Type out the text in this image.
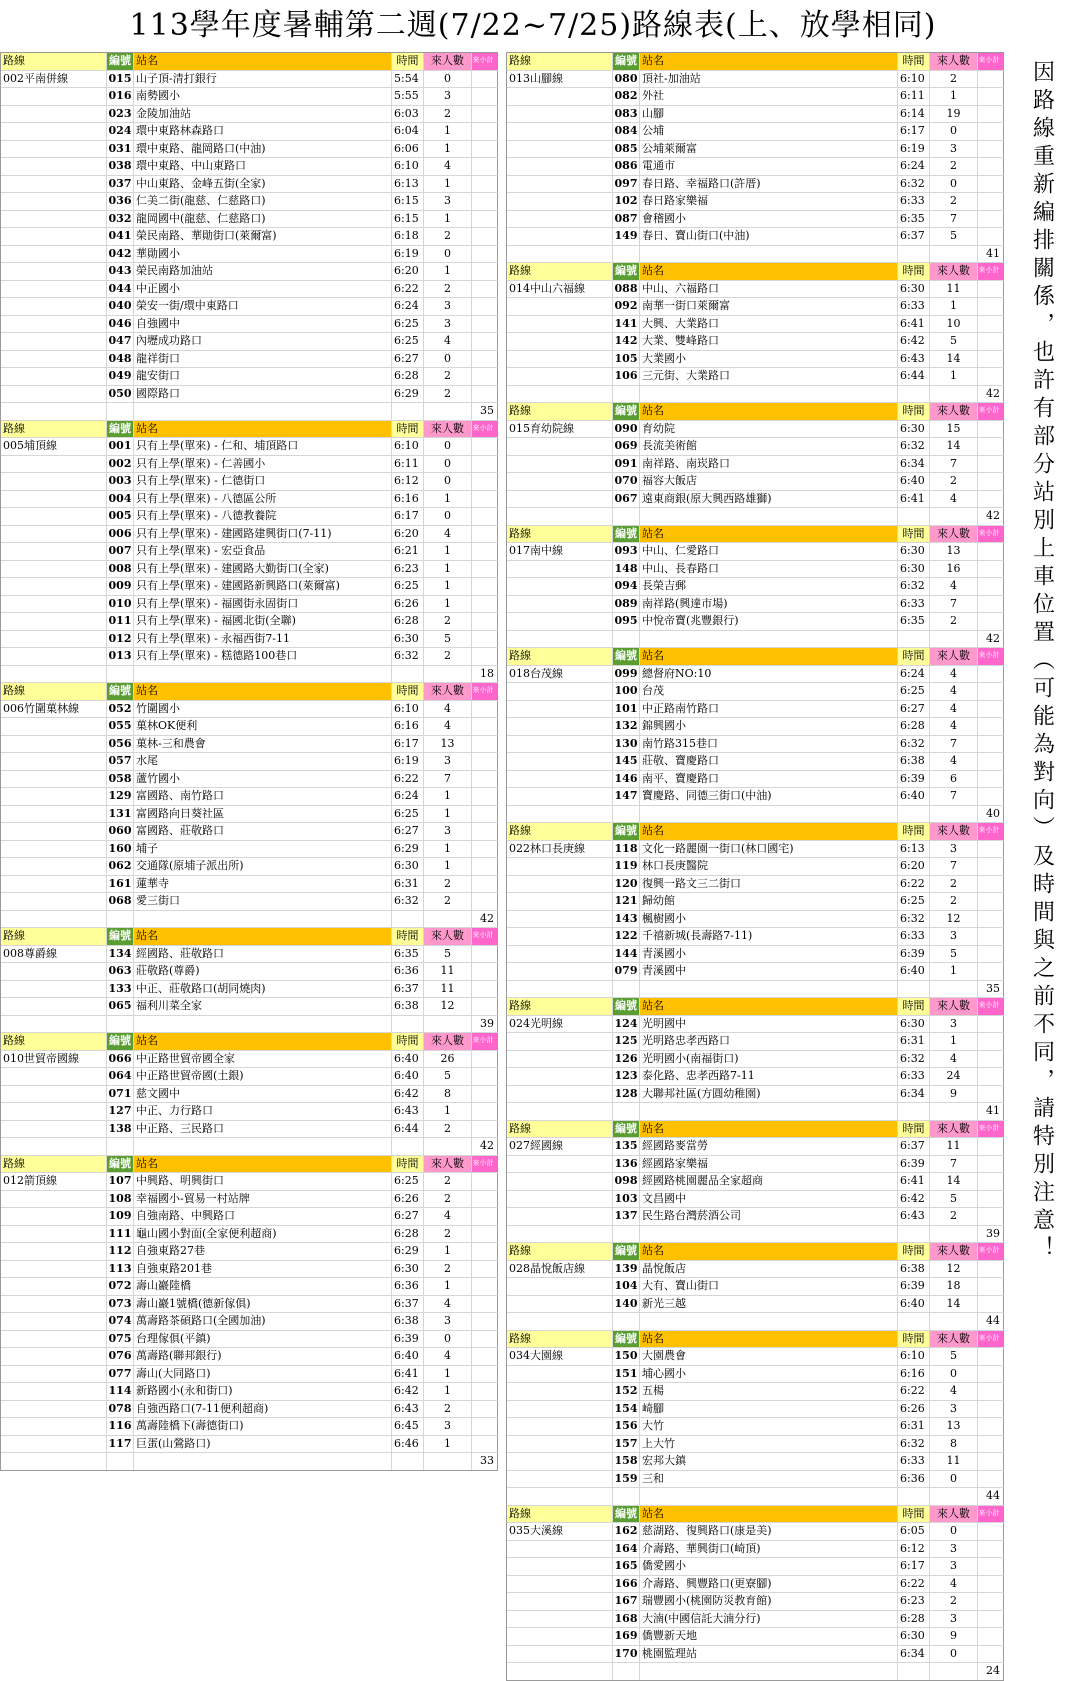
113學年度暑輔第二週(7/22~7/25)路線表(上、放學相同)
路線	編號 站名	時間	來人數	來小計
002平南併線	015 山子頂-清打銀行	5:54	0
016 南勢國小	5:55	3
023 金陵加油站	6:03	2
024 環中東路林森路口	6:04	1
031 環中東路、龍岡路口(中油)	6:06	1
038 環中東路、中山東路口	6:10	4
037 中山東路、金峰五街(全家)	6:13	1
036 仁美二街(龍慈、仁慈路口)	6:15	3
032 龍岡國中(龍慈、仁慈路口)	6:15	1
041 榮民南路、華勛街口(萊爾富)	6:18	2
042 華勛國小	6:19	0
043 榮民南路加油站	6:20	1
044 中正國小	6:22	2
040 榮安一街/環中東路口	6:24	3
046 自強國中	6:25	3
047 內壢成功路口	6:25	4
048 龍祥街口	6:27	0
049 龍安街口	6:28	2
050 國際路口	6:29	2
35
路線	編號 站名	時間	來人數	來小計
005埔頂線	001 只有上學(單來) - 仁和、埔頂路口	6:10	0
002 只有上學(單來) - 仁善國小	6:11	0
003 只有上學(單來) - 仁德街口	6:12	0
004 只有上學(單來) - 八德區公所	6:16	1
005 只有上學(單來) - 八德教養院	6:17	0
006 只有上學(單來) - 建國路建興街口(7-11)	6:20	4
007 只有上學(單來) - 宏亞食品	6:21	1
008 只有上學(單來) - 建國路大勤街口(全家)	6:23	1
009 只有上學(單來) - 建國路新興路口(萊爾富)	6:25	1
010 只有上學(單來) - 福國街永固街口	6:26	1
011 只有上學(單來) - 福國北街(全聯)	6:28	2
012 只有上學(單來) - 永福西街7-11	6:30	5
013 只有上學(單來) - 糕德路100巷口	6:32	2
18
路線	編號 站名	時間	來人數	來小計
006竹圍菓林線	052 竹圍國小	6:10	4
055 菓林OK便利	6:16	4
056 菓林-三和農會	6:17	13
057 水尾	6:19	3
058 蘆竹國小	6:22	7
129 富國路、南竹路口	6:24	1
131 富國路向日葵社區	6:25	1
060 富國路、莊敬路口	6:27	3
160 埔子	6:29	1
062 交通隊(原埔子派出所)	6:30	1
161 蓮華寺	6:31	2
068 愛三街口	6:32	2
42
路線	編號 站名	時間	來人數	來小計
008尊爵線	134 經國路、莊敬路口	6:35	5
063 莊敬路(尊爵)	6:36	11
133 中正、莊敬路口(胡同燒肉)	6:37	11
065 福利川菜全家	6:38	12
39
路線	編號 站名	時間	來人數	來小計
010世貿帝國線	066 中正路世貿帝國全家	6:40	26
064 中正路世貿帝國(土銀)	6:40	5
071 慈文國中	6:42	8
127 中正、力行路口	6:43	1
138 中正路、三民路口	6:44	2
42
路線	編號 站名	時間	來人數	來小計
012箭頂線	107 中興路、明興街口	6:25	2
108 幸福國小-貿易一村站牌	6:26	2
109 自強南路、中興路口	6:27	4
111 龜山國小對面(全家便利超商)	6:28	2
112 自強東路27巷	6:29	1
113 自強東路201巷	6:30	2
072 壽山巖陸橋	6:36	1
073 壽山巖1號橋(德新傢俱)	6:37	4
074 萬壽路茶碩路口(全國加油)	6:38	3
075 台理傢俱(平鎮)	6:39	0
076 萬壽路(聯邦銀行)	6:40	4
077 壽山(大同路口)	6:41	1
114 新路國小(永和街口)	6:42	1
078 自強西路口(7-11便利超商)	6:43	2
116 萬壽陸橋下(壽德街口)	6:45	3
117 巨蛋(山鶯路口)	6:46	1
33
路線	編號 站名	時間	來人數	來小計
013山腳線	080 頂社-加油站	6:10	2
082 外社	6:11	1
083 山腳	6:14	19
084 公埔	6:17	0
085 公埔萊爾富	6:19	3
086 電通市	6:24	2
097 春日路、幸福路口(許厝)	6:32	0
102 春日路家樂福	6:33	2
087 會稽國小	6:35	7
149 春日、寶山街口(中油)	6:37	5
41
路線	編號 站名	時間	來人數	來小計
014中山六福線	088 中山、六福路口	6:30	11
092 南華一街口萊爾富	6:33	1
141 大興、大業路口	6:41	10
142 大業、雙峰路口	6:42	5
105 大業國小	6:43	14
106 三元街、大業路口	6:44	1
42
路線	編號 站名	時間	來人數	來小計
015育幼院線	090 育幼院	6:30	15
069 長流美術館	6:32	14
091 南祥路、南崁路口	6:34	7
070 福容大飯店	6:40	2
067 遠東商銀(原大興西路雄獅)	6:41	4
42
路線	編號 站名	時間	來人數	來小計
017南中線	093 中山、仁愛路口	6:30	13
148 中山、長春路口	6:30	16
094 長榮吉郵	6:32	4
089 南祥路(興達市場)	6:33	7
095 中悅帝寶(兆豐銀行)	6:35	2
42
路線	編號 站名	時間	來人數	來小計
018台茂線	099 總督府NO:10	6:24	4
100 台茂	6:25	4
101 中正路南竹路口	6:27	4
132 錦興國小	6:28	4
130 南竹路315巷口	6:32	7
145 莊敬、寶慶路口	6:38	4
146 南平、寶慶路口	6:39	6
147 寶慶路、同德三街口(中油)	6:40	7
40
路線	編號 站名	時間	來人數	來小計
022林口長庚線	118 文化一路麗園一街口(林口國宅)	6:13	3
119 林口長庚醫院	6:20	7
120 復興一路文三二街口	6:22	2
121 歸幼館	6:25	2
143 楓樹國小	6:32	12
122 千禧新城(長壽路7-11)	6:33	3
144 青溪國小	6:39	5
079 青溪國中	6:40	1
35
路線	編號 站名	時間	來人數	來小計
024光明線	124 光明國中	6:30	3
125 光明路忠孝西路口	6:31	1
126 光明國小(南福街口)	6:32	4
123 泰化路、忠孝西路7-11	6:33	24
128 大聯邦社區(方圓幼稚園)	6:34	9
41
路線	編號 站名	時間	來人數	來小計
027經國線	135 經國路麥當勞	6:37	11
136 經國路家樂福	6:39	7
098 經國路桃園麗品全家超商	6:41	14
103 文昌國中	6:42	5
137 民生路台灣菸酒公司	6:43	2
39
路線	編號 站名	時間	來人數	來小計
028晶悅飯店線	139 晶悅飯店	6:38	12
104 大有、寶山街口	6:39	18
140 新光三越	6:40	14
44
路線	編號 站名	時間	來人數	來小計
034大園線	150 大園農會	6:10	5
151 埔心國小	6:16	0
152 五楊	6:22	4
154 崎腳	6:26	3
156 大竹	6:31	13
157 上大竹	6:32	8
158 宏邦大鎮	6:33	11
159 三和	6:36	0
44
路線	編號 站名	時間	來人數	來小計
035大溪線	162 慈湖路、復興路口(康是美)	6:05	0
164 介壽路、華興街口(崎頂)	6:12	3
165 僑愛國小	6:17	3
166 介壽路、興豐路口(更寮腳)	6:22	4
167 瑞豐國小(桃園防災教育館)	6:23	2
168 大湳(中國信託大湳分行)	6:28	3
169 僑豐新天地	6:30	9
170 桃園監理站	6:34	0
24
因路線重新編排關係，也許有部分站別上車位置（可能為對向）及時間與之前不同，請特別注意！
